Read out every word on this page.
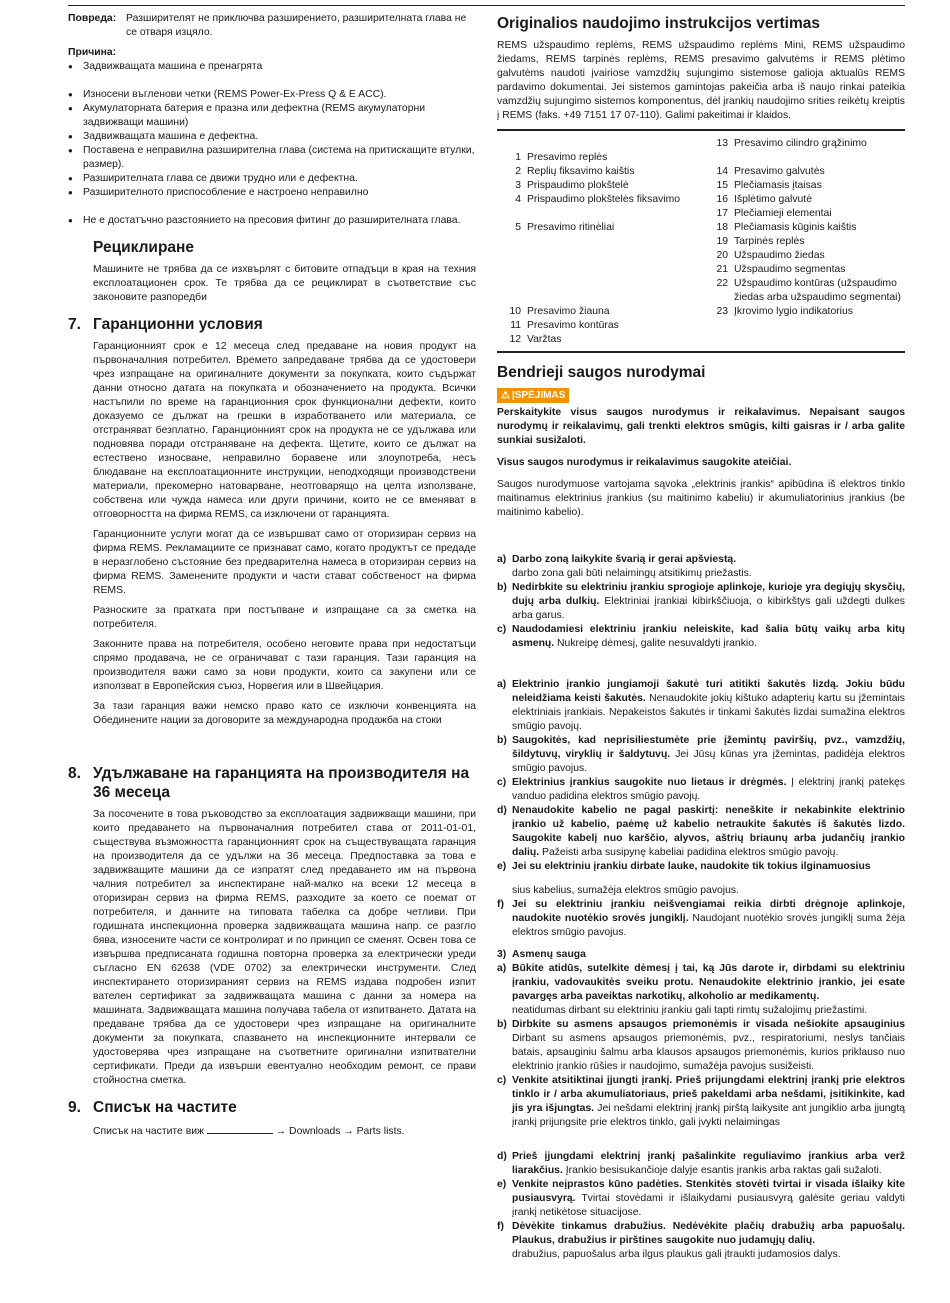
Повреда: Разширителят не приключва разширението, разширителната глава не се отваря изцяло.
Причина:
● Задвижващата машина е пренагрята
● Износени въгленови четки (REMS Power-Ex-Press Q & E ACC).
● Акумулаторната батерия е празна или дефектна (REMS акумулаторни задвижващи машини)
● Задвижващата машина е дефектна.
● Поставена е неправилна разширителна глава (система на притискащите втулки, размер).
● Разширителната глава се движи трудно или е дефектна.
● Разширителното приспособление е настроено неправилно
● Не е достатъчно разстоянието на пресовия фитинг до разширителната глава.
Рециклиране

Машините не трябва да се изхвърлят с битовите отпадъци в края на техния експлоатационен срок. Те трябва да се рециклират в съответствие със законовите разпоредби

7. Гаранционни условия

Гаранционният срок е 12 месеца след предаване на новия продукт на първоначалния потребител. Времето запредаване трябва да се удостовери чрез изпращане на оригиналните документи за покупката, които съдържат данни относно датата на покупката и обозначението на продукта. Всички настъпили по време на гаранционния срок функционални дефекти, които доказуемо се дължат на грешки в изработването или материала, се отстраняват безплатно. Гаранционният срок на продукта не се удължава или подновява поради отстраняване на дефекта. Щетите, които се дължат на естествено износване, неправилно боравене или злоупотреба, несъ блюдаване на експлоатационните инструкции, неподходящи производствени материали, прекомерно натоварване, неотговарящо на целта използване, собствена или чужда намеса или други причини, които не се вменяват в отговорността на фирма REMS, са изключени от гаранцията.

Гаранционните услуги могат да се извършват само от оторизиран сервиз на фирма REMS. Рекламациите се признават само, когато продуктът се предаде в неразглобено състояние без предварителна намеса в оторизиран сервиз на фирма REMS. Заменените продукти и части стават собственост на фирма REMS.

Разноските за пратката при постъпване и изпращане са за сметка на потребителя.

Законните права на потребителя, особено неговите права при недостатъци спрямо продавача, не се ограничават с тази гаранция. Тази гаранция на производителя важи само за нови продукти, които са закупени или се използват в Европейския съюз, Норвегия или в Швейцария.

За тази гаранция важи немско право като се изключи конвенцията на Обединените нации за договорите за международна продажба на стоки

8. Удължаване на гаранцията на производителя на
36 месеца

За посочените в това ръководство за експлоатация задвижващи машини, при които предаването на първоначалния потребител става от 2011-01-01, съществува възможността гаранционният срок на съществуващата гаранция на производителя да се удължи на 36 месеца. Предпоставка за това е задвижващите машини да се изпратят след предаването им на първона чалния потребител за инспектиране най-малко на всеки 12 месеца в оторизиран сервиз на фирма REMS, разходите за което се поемат от потребителя, и данните на типовата табелка са добре четливи. При годишната инспекционна проверка задвижващата машина напр. се разгло бява, износените части се контролират и по принцип се сменят. Освен това се извършва предписаната годишна повторна проверка за електрически уреди съгласно EN 62638 (VDE 0702) за електрически инструменти. След инспектирането оторизираният сервиз на REMS издава подробен изпит вателен сертификат за задвижващата машина с данни за номера на машината. Задвижващата машина получава табела от изпитването. Датата на предаване трябва да се удостовери чрез изпращане на оригиналните документи за покупката, спазването на инспекционните интервали се удостоверява чрез изпращане на съответните оригинални изпитвателни сертификати. Преди да извърши евентуално необходим ремонт, се прави стойностна сметка.

9. Списък на частите

Списък на частите виж	→ Downloads → Parts lists.

Originalios naudojimo instrukcijos vertimas

REMS užspaudimo replėms, REMS užspaudimo replėms Mini, REMS užspaudimo žiedams, REMS tarpinės replėms, REMS presavimo galvutėms ir REMS plėtimo galvutėms naudoti įvairiose vamzdžių sujungimo sistemose galioja aktualūs REMS pardavimo dokumentai. Jei sistemos gamintojas pakeičia arba iš naujo rinkai pateikia vamzdžių sujungimo sistemos komponentus, dėl įrankių naudojimo srities reikėtų kreiptis į REMS (faks. +49 7151 17 07-110). Galimi pakeitimai ir klaidos.

1 Presavimo replės
2 Replių fiksavimo kaištis
3 Prispaudimo plokštelė
4 Prispaudimo plokštelės fiksavimo
5 Presavimo ritinėliai
10 Presavimo žiauna
11 Presavimo kontūras
12 Varžtas
13 Presavimo cilindro grąžinimo
14 Presavimo galvutės
15 Plečiamasis įtaisas
16 Išplėtimo galvutė
17 Plečiamieji elementai
18 Plečiamasis kūginis kaištis
19 Tarpinės replės
20 Užspaudimo žiedas
21 Užspaudimo segmentas
22 Užspaudimo kontūras (užspaudimo žiedas arba užspaudimo segmentai)
23 Įkrovimo lygio indikatorius
Bendrieji saugos nurodymai
⚠ ĮSPĖJIMAS

Perskaitykite visus saugos nurodymus ir reikalavimus. Nepaisant saugos nurodymų ir reikalavimų, gali trenkti elektros smūgis, kilti gaisras ir / arba galite sunkiai susižaloti.

Visus saugos nurodymus ir reikalavimus saugokite ateičiai.

Saugos nurodymuose vartojama sąvoka „elektrinis įrankis“ apibūdina iš elektros tinklo maitinamus elektrinius įrankius (su maitinimo kabeliu) ir akumuliatorinius įrankius (be maitinimo kabelio).

a) Darbo zoną laikykite švarią ir gerai apšviestą.
darbo zona gali būti nelaimingų atsitikimų priežastis.
b) Nedirbkite su elektriniu įrankiu sprogioje aplinkoje, kurioje yra degiųjų skysčių, dujų arba dulkių. Elektriniai įrankiai kibirkščiuoja, o kibirkštys gali uždegti dulkes arba garus.
c) Naudodamiesi elektriniu įrankiu neleiskite, kad šalia būtų vaikų arba kitų asmenų. Nukreipę dėmesį, galite nesuvaldyti įrankio.
a) Elektrinio įrankio jungiamoji šakutė turi atitikti šakutės lizdą. Jokiu būdu neleidžiama keisti šakutės. Nenaudokite jokių kištuko adapterių kartu su įžemintais elektriniais įrankiais. Nepakeistos šakutės ir tinkami šakutės lizdai sumažina elektros smūgio pavojų.
b) Saugokitės, kad neprisiliestumėte prie įžemintų paviršių, pvz., vamzdžių, šildytuvų, viryklių ir šaldytuvų. Jei Jūsų kūnas yra įžemintas, padidėja elektros smūgio pavojus.
c) Elektrinius įrankius saugokite nuo lietaus ir drėgmės. Į elektrinį įrankį patekęs vanduo padidina elektros smūgio pavojų.
d) Nenaudokite kabelio ne pagal paskirtį: neneškite ir nekabinkite elektrinio įrankio už kabelio, paėmę už kabelio netraukite šakutės iš šakutės lizdo. Saugokite kabelį nuo karščio, alyvos, aštrių briaunų arba judančių įrankio dalių. Pažeisti arba susipynę kabeliai padidina elektros smūgio pavojų.
e) Jei su elektriniu įrankiu dirbate lauke, naudokite tik tokius ilginamuosius
sius kabelius, sumažėja elektros smūgio pavojus.
f) Jei su elektriniu įrankiu neišvengiamai reikia dirbti drėgnoje aplinkoje, naudokite nuotėkio srovės jungiklį. Naudojant nuotėkio srovės jungiklį suma žėja elektros smūgio pavojus.
3) Asmenų sauga
a) Būkite atidūs, sutelkite dėmesį į tai, ką Jūs darote ir, dirbdami su elektriniu įrankiu, vadovaukitės sveiku protu. Nenaudokite elektrinio įrankio, jei esate pavargęs arba paveiktas narkotikų, alkoholio ar medikamentų.
neatidumas dirbant su elektriniu įrankiu gali tapti rimtų sužalojimų priežastimi.
b) Dirbkite su asmens apsaugos priemonėmis ir visada nešiokite apsauginius               Dirbant su asmens apsaugos priemonėmis, pvz., respiratoriumi, neslys tančiais batais, apsauginiu šalmu arba klausos apsaugos priemonėmis, kurios priklauso nuo elektrinio įrankio rūšies ir naudojimo, sumažėja pavojus susižeisti.
c) Venkite atsitiktinai įjungti įrankį. Prieš prijungdami elektrinį įrankį prie elektros tinklo ir / arba akumuliatoriaus, prieš pakeldami arba nešdami, įsitikinkite, kad jis yra išjungtas. Jei nešdami elektrinį įrankį pirštą laikysite ant jungiklio arba įjungtą įrankį prijungsite prie elektros tinklo, gali įvykti nelaimingas
d) Prieš įjungdami elektrinį įrankį pašalinkite reguliavimo įrankius arba verž liarakčius. Įrankio besisukančioje dalyje esantis įrankis arba raktas gali sužaloti.
e) Venkite neįprastos kūno padėties. Stenkitės stovėti tvirtai ir visada išlaiky kite pusiausvyrą. Tvirtai stovėdami ir išlaikydami pusiausvyrą galėsite geriau valdyti įrankį netikėtose situacijose.
f) Dėvėkite tinkamus drabužius. Nedėvėkite plačių drabužių arba papuošalų. Plaukus, drabužius ir pirštines saugokite nuo judamųjų dalių.
drabužius, papuošalus arba ilgus plaukus gali įtraukti judamosios dalys.
